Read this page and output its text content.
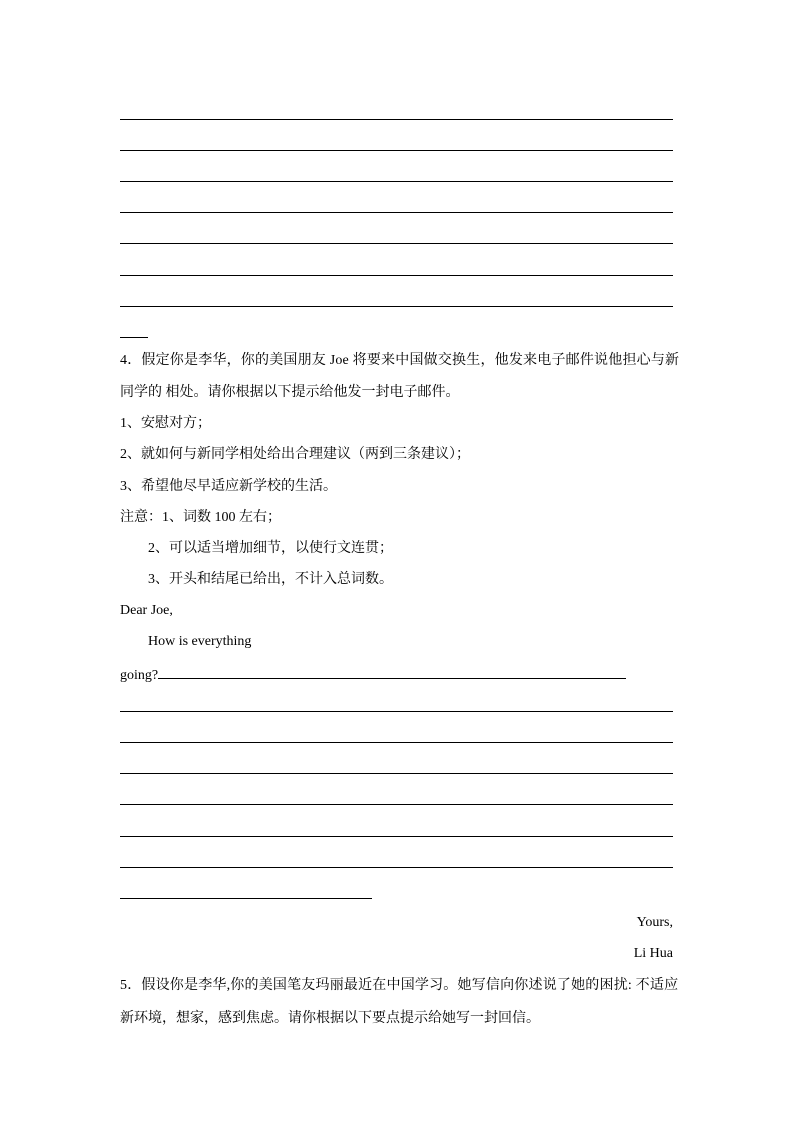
4．假定你是李华，你的美国朋友 Joe 将要来中国做交换生，他发来电子邮件说他担心与新
同学的 相处。请你根据以下提示给他发一封电子邮件。
1、安慰对方；
2、就如何与新同学相处给出合理建议（两到三条建议）；
3、希望他尽早适应新学校的生活。
注意：1、词数 100 左右；
2、可以适当增加细节，以使行文连贯；
3、开头和结尾已给出，不计入总词数。
Dear Joe,
How is everything
going?
Yours,
Li Hua
5．假设你是李华,你的美国笔友玛丽最近在中国学习。她写信向你述说了她的困扰: 不适应
新环境，想家，感到焦虑。请你根据以下要点提示给她写一封回信。
